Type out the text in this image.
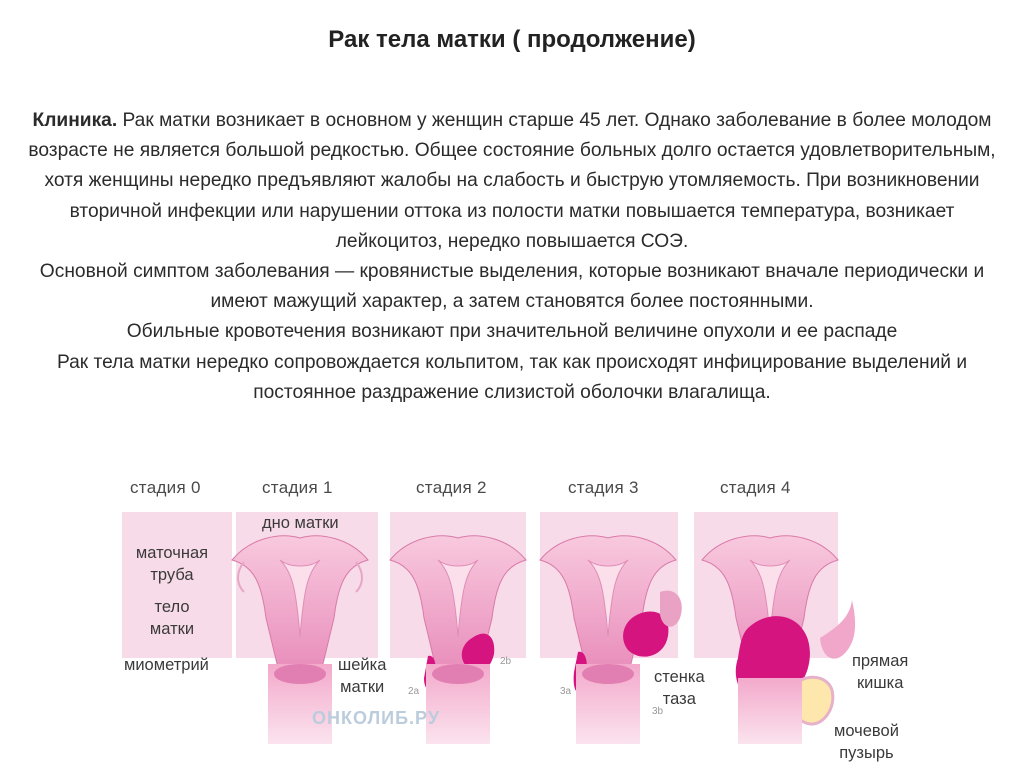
Рак тела матки ( продолжение)

Клиника. Рак матки возникает в основном у женщин старше 45 лет. Однако заболевание в более молодом возрасте не является большой редкостью. Общее состояние больных долго остается удовлетворительным, хотя женщины нередко предъявляют жалобы на слабость и быструю утомляемость. При возникновении вторичной инфекции или нарушении оттока из полости матки повышается температура, возникает лейкоцитоз, нередко повышается СОЭ.

Основной симптом заболевания — кровянистые выделения, которые возникают вначале периодически и имеют мажущий характер, а затем становятся более постоянными.

Обильные кровотечения возникают при значительной величине опухоли и ее распаде

Рак тела матки нередко сопровождается кольпитом, так как происходят инфицирование выделений и постоянное раздражение слизистой оболочки влагалища.

стадия 0	стадия 1	стадия 2	стадия 3	стадия 4
дно матки
маточная
труба
тело
матки
миометрий	шейка
матки
стенка
таза
прямая
кишка
мочевой
пузырь
2a
2b
3a
3b
ОНКОЛИБ.РУ
